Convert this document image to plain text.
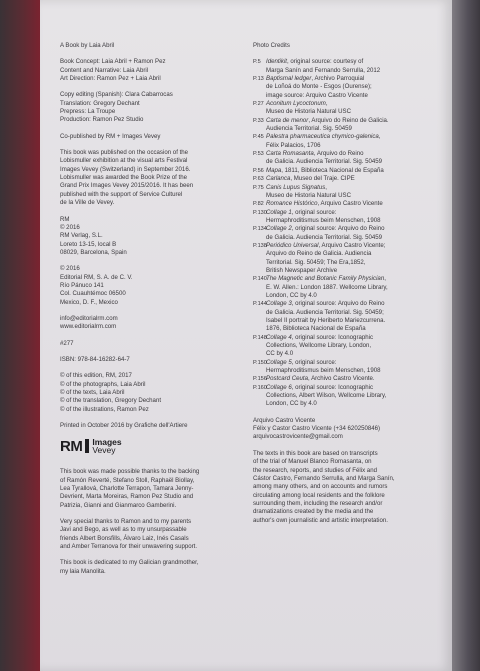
A Book by Laia Abril
Book Concept: Laia Abril + Ramon Pez
Content and Narrative: Laia Abril
Art Direction: Ramon Pez + Laia Abril
Copy editing (Spanish): Clara Cabarrocas
Translation: Gregory Dechant
Prepress: La Troupe
Production: Ramon Pez Studio
Co-published by RM + Images Vevey
This book was published on the occasion of the
Lobismuller exhibition at the visual arts Festival
Images Vevey (Switzerland) in September 2016.
Lobismuller was awarded the Book Prize of the
Grand Prix Images Vevey 2015/2016. It has been
published with the support of Service Culturel
de la Ville de Vevey.
RM
© 2016
RM Verlag, S.L.
Loreto 13-15, local B
08029, Barcelona, Spain
© 2016
Editorial RM, S. A. de C. V.
Río Pánuco 141
Col. Cuauhtémoc 06500
Mexico, D. F., Mexico
info@editorialrm.com
www.editorialrm.com
#277
ISBN: 978-84-16282-64-7
© of this edition, RM, 2017
© of the photographs, Laia Abril
© of the texts, Laia Abril
© of the translation, Gregory Dechant
© of the illustrations, Ramon Pez
Printed in October 2016 by Grafiche dell'Artiere
RM Images
Vevey
This book was made possible thanks to the backing
of Ramón Reverté, Stefano Stoll, Raphaël Biollay,
Lea Tyrallová, Charlotte Terrapon, Tamara Jenny-
Devrient, Marta Moreiras, Ramon Pez Studio and
Patrizia, Gianni and Gianmarco Gamberini.
Very special thanks to Ramon and to my parents
Javi and Bego, as well as to my unsurpassable
friends Albert Bonsfills, Álvaro Laiz, Inés Casals
and Amber Terranova for their unwavering support.
This book is dedicated to my Galician grandmother,
my laia Manolita.
Photo Credits
P.5 Identikit, original source: courtesy of
Marga Sanín and Fernando Serrulla, 2012
P.13 Baptismal ledger, Archivo Parroquial
de Loñoá do Monte - Esgos (Ourense);
image source: Arquivo Castro Vicente
P.27 Aconitum Lycoctonum,
Museo de Historia Natural USC
P.33 Carta de menor, Arquivo do Reino de Galicia.
Audiencia Territorial. Sig. 50459
P.45 Palestra pharmaceutica chymico-galenica,
Félix Palacios, 1706
P.53 Carta Romasanta, Arquivo do Reino
de Galicia. Audiencia Territorial. Sig. 50459
P.56 Mapa, 1811, Biblioteca Nacional de España
P.63 Carlanca, Museo del Traje. CIPE
P.75 Canis Lupus Signatus,
Museo de Historia Natural USC
P.82 Romance Histórico, Arquivo Castro Vicente
P.130 Collage 1, original source:
Hermaphroditismus beim Menschen, 1908
P.134 Collage 2, original source: Arquivo do Reino
de Galicia. Audiencia Territorial. Sig. 50459
P.138 Periódico Universal, Arquivo Castro Vicente;
Arquivo do Reino de Galicia. Audiencia
Territorial. Sig. 50459; The Era,1852,
British Newspaper Archive
P.140 The Magnetic and Botanic Family Physician,
E. W. Allen.: London 1887. Wellcome Library,
London, CC by 4.0
P.144 Collage 3, original source: Arquivo do Reino
de Galicia. Audiencia Territorial. Sig. 50459;
Isabel II portrait by Heriberto Mariezcurrena.
1876, Biblioteca Nacional de España
P.148 Collage 4, original source: Iconographic
Collections, Wellcome Library, London,
CC by 4.0
P.150 Collage 5, original source:
Hermaphroditismus beim Menschen, 1908
P.156 Postcard Ceuta, Archivo Castro Vicente.
P.160 Collage 6, original source: Iconographic
Collections, Albert Wilson, Wellcome Library,
London, CC by 4.0
Arquivo Castro Vicente
Félix y Castor Castro Vicente (+34 620250846)
arquivocastrovicente@gmail.com
The texts in this book are based on transcripts
of the trial of Manuel Blanco Romasanta, on
the research, reports, and studies of Félix and
Cástor Castro, Fernando Serrulla, and Marga Sanín,
among many others, and on accounts and rumors
circulating among local residents and the folklore
surrounding them, including the research and/or
dramatizations created by the media and the
author's own journalistic and artistic interpretation.
